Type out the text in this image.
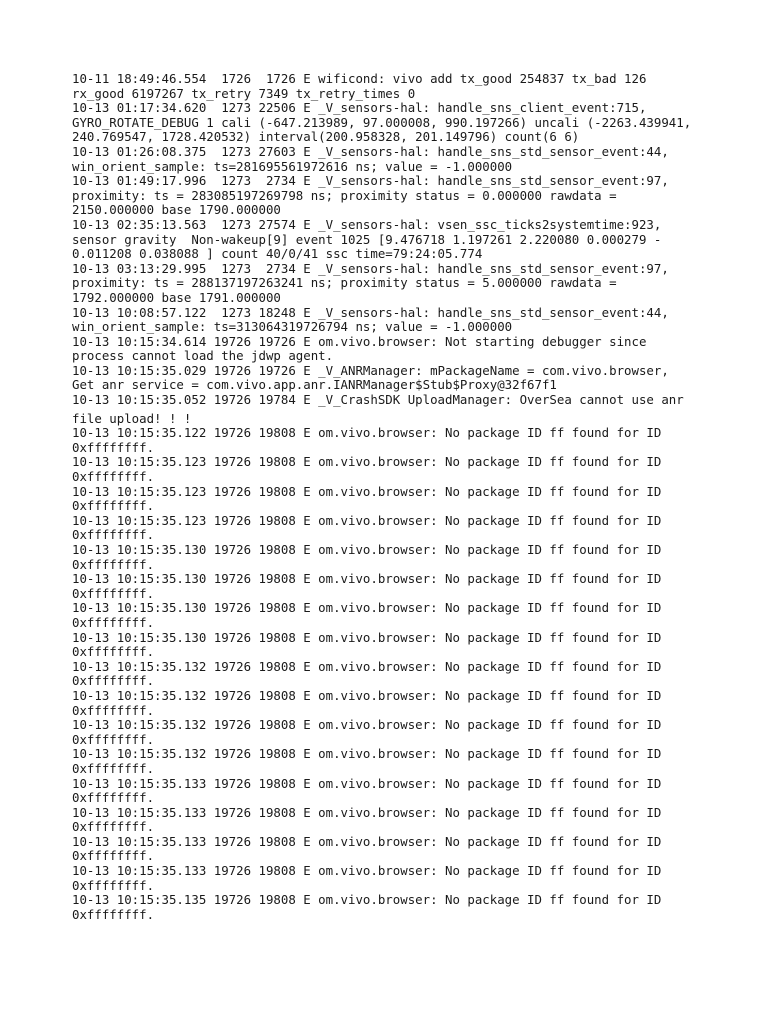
10-11 18:49:46.554  1726  1726 E wificond: vivo add tx_good 254837 tx_bad 126
rx_good 6197267 tx_retry 7349 tx_retry_times 0
10-13 01:17:34.620  1273 22506 E _V_sensors-hal: handle_sns_client_event:715,
GYRO_ROTATE_DEBUG 1 cali (-647.213989, 97.000008, 990.197266) uncali (-2263.439941,
240.769547, 1728.420532) interval(200.958328, 201.149796) count(6 6)
10-13 01:26:08.375  1273 27603 E _V_sensors-hal: handle_sns_std_sensor_event:44,
win_orient_sample: ts=281695561972616 ns; value = -1.000000
10-13 01:49:17.996  1273  2734 E _V_sensors-hal: handle_sns_std_sensor_event:97,
proximity: ts = 283085197269798 ns; proximity status = 0.000000 rawdata =
2150.000000 base 1790.000000
10-13 02:35:13.563  1273 27574 E _V_sensors-hal: vsen_ssc_ticks2systemtime:923,
sensor gravity  Non-wakeup[9] event 1025 [9.476718 1.197261 2.220080 0.000279 -
0.011208 0.038088 ] count 40/0/41 ssc time=79:24:05.774
10-13 03:13:29.995  1273  2734 E _V_sensors-hal: handle_sns_std_sensor_event:97,
proximity: ts = 288137197263241 ns; proximity status = 5.000000 rawdata =
1792.000000 base 1791.000000
10-13 10:08:57.122  1273 18248 E _V_sensors-hal: handle_sns_std_sensor_event:44,
win_orient_sample: ts=313064319726794 ns; value = -1.000000
10-13 10:15:34.614 19726 19726 E om.vivo.browser: Not starting debugger since
process cannot load the jdwp agent.
10-13 10:15:35.029 19726 19726 E _V_ANRManager: mPackageName = com.vivo.browser,
Get anr service = com.vivo.app.anr.IANRManager$Stub$Proxy@32f67f1
10-13 10:15:35.052 19726 19784 E _V_CrashSDK UploadManager: OverSea cannot use anr
file upload! ! !
10-13 10:15:35.122 19726 19808 E om.vivo.browser: No package ID ff found for ID
0xffffffff.
10-13 10:15:35.123 19726 19808 E om.vivo.browser: No package ID ff found for ID
0xffffffff.
10-13 10:15:35.123 19726 19808 E om.vivo.browser: No package ID ff found for ID
0xffffffff.
10-13 10:15:35.123 19726 19808 E om.vivo.browser: No package ID ff found for ID
0xffffffff.
10-13 10:15:35.130 19726 19808 E om.vivo.browser: No package ID ff found for ID
0xffffffff.
10-13 10:15:35.130 19726 19808 E om.vivo.browser: No package ID ff found for ID
0xffffffff.
10-13 10:15:35.130 19726 19808 E om.vivo.browser: No package ID ff found for ID
0xffffffff.
10-13 10:15:35.130 19726 19808 E om.vivo.browser: No package ID ff found for ID
0xffffffff.
10-13 10:15:35.132 19726 19808 E om.vivo.browser: No package ID ff found for ID
0xffffffff.
10-13 10:15:35.132 19726 19808 E om.vivo.browser: No package ID ff found for ID
0xffffffff.
10-13 10:15:35.132 19726 19808 E om.vivo.browser: No package ID ff found for ID
0xffffffff.
10-13 10:15:35.132 19726 19808 E om.vivo.browser: No package ID ff found for ID
0xffffffff.
10-13 10:15:35.133 19726 19808 E om.vivo.browser: No package ID ff found for ID
0xffffffff.
10-13 10:15:35.133 19726 19808 E om.vivo.browser: No package ID ff found for ID
0xffffffff.
10-13 10:15:35.133 19726 19808 E om.vivo.browser: No package ID ff found for ID
0xffffffff.
10-13 10:15:35.133 19726 19808 E om.vivo.browser: No package ID ff found for ID
0xffffffff.
10-13 10:15:35.135 19726 19808 E om.vivo.browser: No package ID ff found for ID
0xffffffff.
